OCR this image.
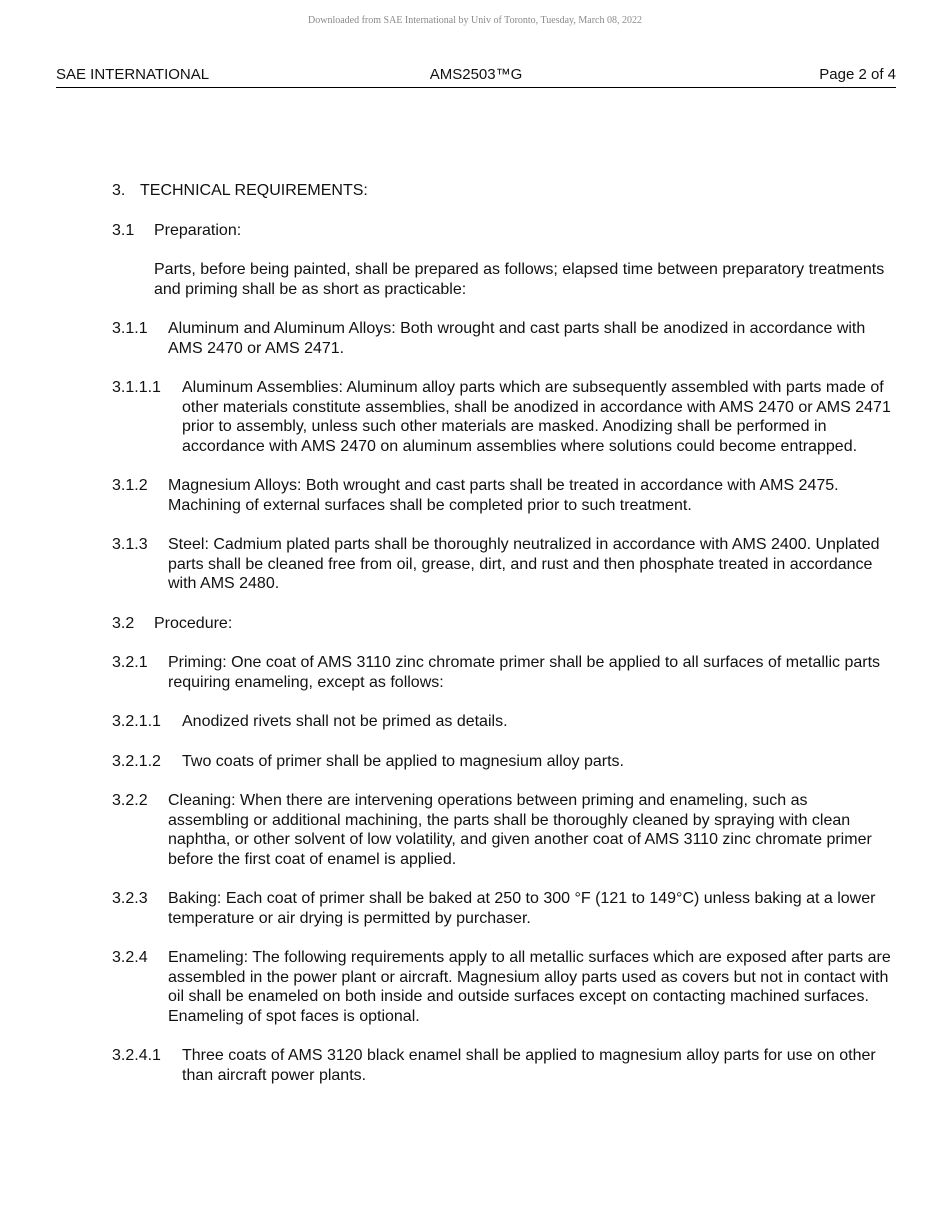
Downloaded from SAE International by Univ of Toronto, Tuesday, March 08, 2022
AMS2503™G
SAE INTERNATIONAL	Page 2 of 4
3. TECHNICAL REQUIREMENTS:
3.1 Preparation:
Parts, before being painted, shall be prepared as follows; elapsed time between preparatory treatments and priming shall be as short as practicable:
3.1.1 Aluminum and Aluminum Alloys: Both wrought and cast parts shall be anodized in accordance with AMS 2470 or AMS 2471.
3.1.1.1 Aluminum Assemblies: Aluminum alloy parts which are subsequently assembled with parts made of other materials constitute assemblies, shall be anodized in accordance with AMS 2470 or AMS 2471 prior to assembly, unless such other materials are masked. Anodizing shall be performed in accordance with AMS 2470 on aluminum assemblies where solutions could become entrapped.
3.1.2 Magnesium Alloys: Both wrought and cast parts shall be treated in accordance with AMS 2475. Machining of external surfaces shall be completed prior to such treatment.
3.1.3 Steel: Cadmium plated parts shall be thoroughly neutralized in accordance with AMS 2400. Unplated parts shall be cleaned free from oil, grease, dirt, and rust and then phosphate treated in accordance with AMS 2480.
3.2 Procedure:
3.2.1 Priming: One coat of AMS 3110 zinc chromate primer shall be applied to all surfaces of metallic parts requiring enameling, except as follows:
3.2.1.1 Anodized rivets shall not be primed as details.
3.2.1.2 Two coats of primer shall be applied to magnesium alloy parts.
3.2.2 Cleaning: When there are intervening operations between priming and enameling, such as assembling or additional machining, the parts shall be thoroughly cleaned by spraying with clean naphtha, or other solvent of low volatility, and given another coat of AMS 3110 zinc chromate primer before the first coat of enamel is applied.
3.2.3 Baking: Each coat of primer shall be baked at 250 to 300 °F (121 to 149°C) unless baking at a lower temperature or air drying is permitted by purchaser.
3.2.4 Enameling: The following requirements apply to all metallic surfaces which are exposed after parts are assembled in the power plant or aircraft. Magnesium alloy parts used as covers but not in contact with oil shall be enameled on both inside and outside surfaces except on contacting machined surfaces. Enameling of spot faces is optional.
3.2.4.1 Three coats of AMS 3120 black enamel shall be applied to magnesium alloy parts for use on other than aircraft power plants.
